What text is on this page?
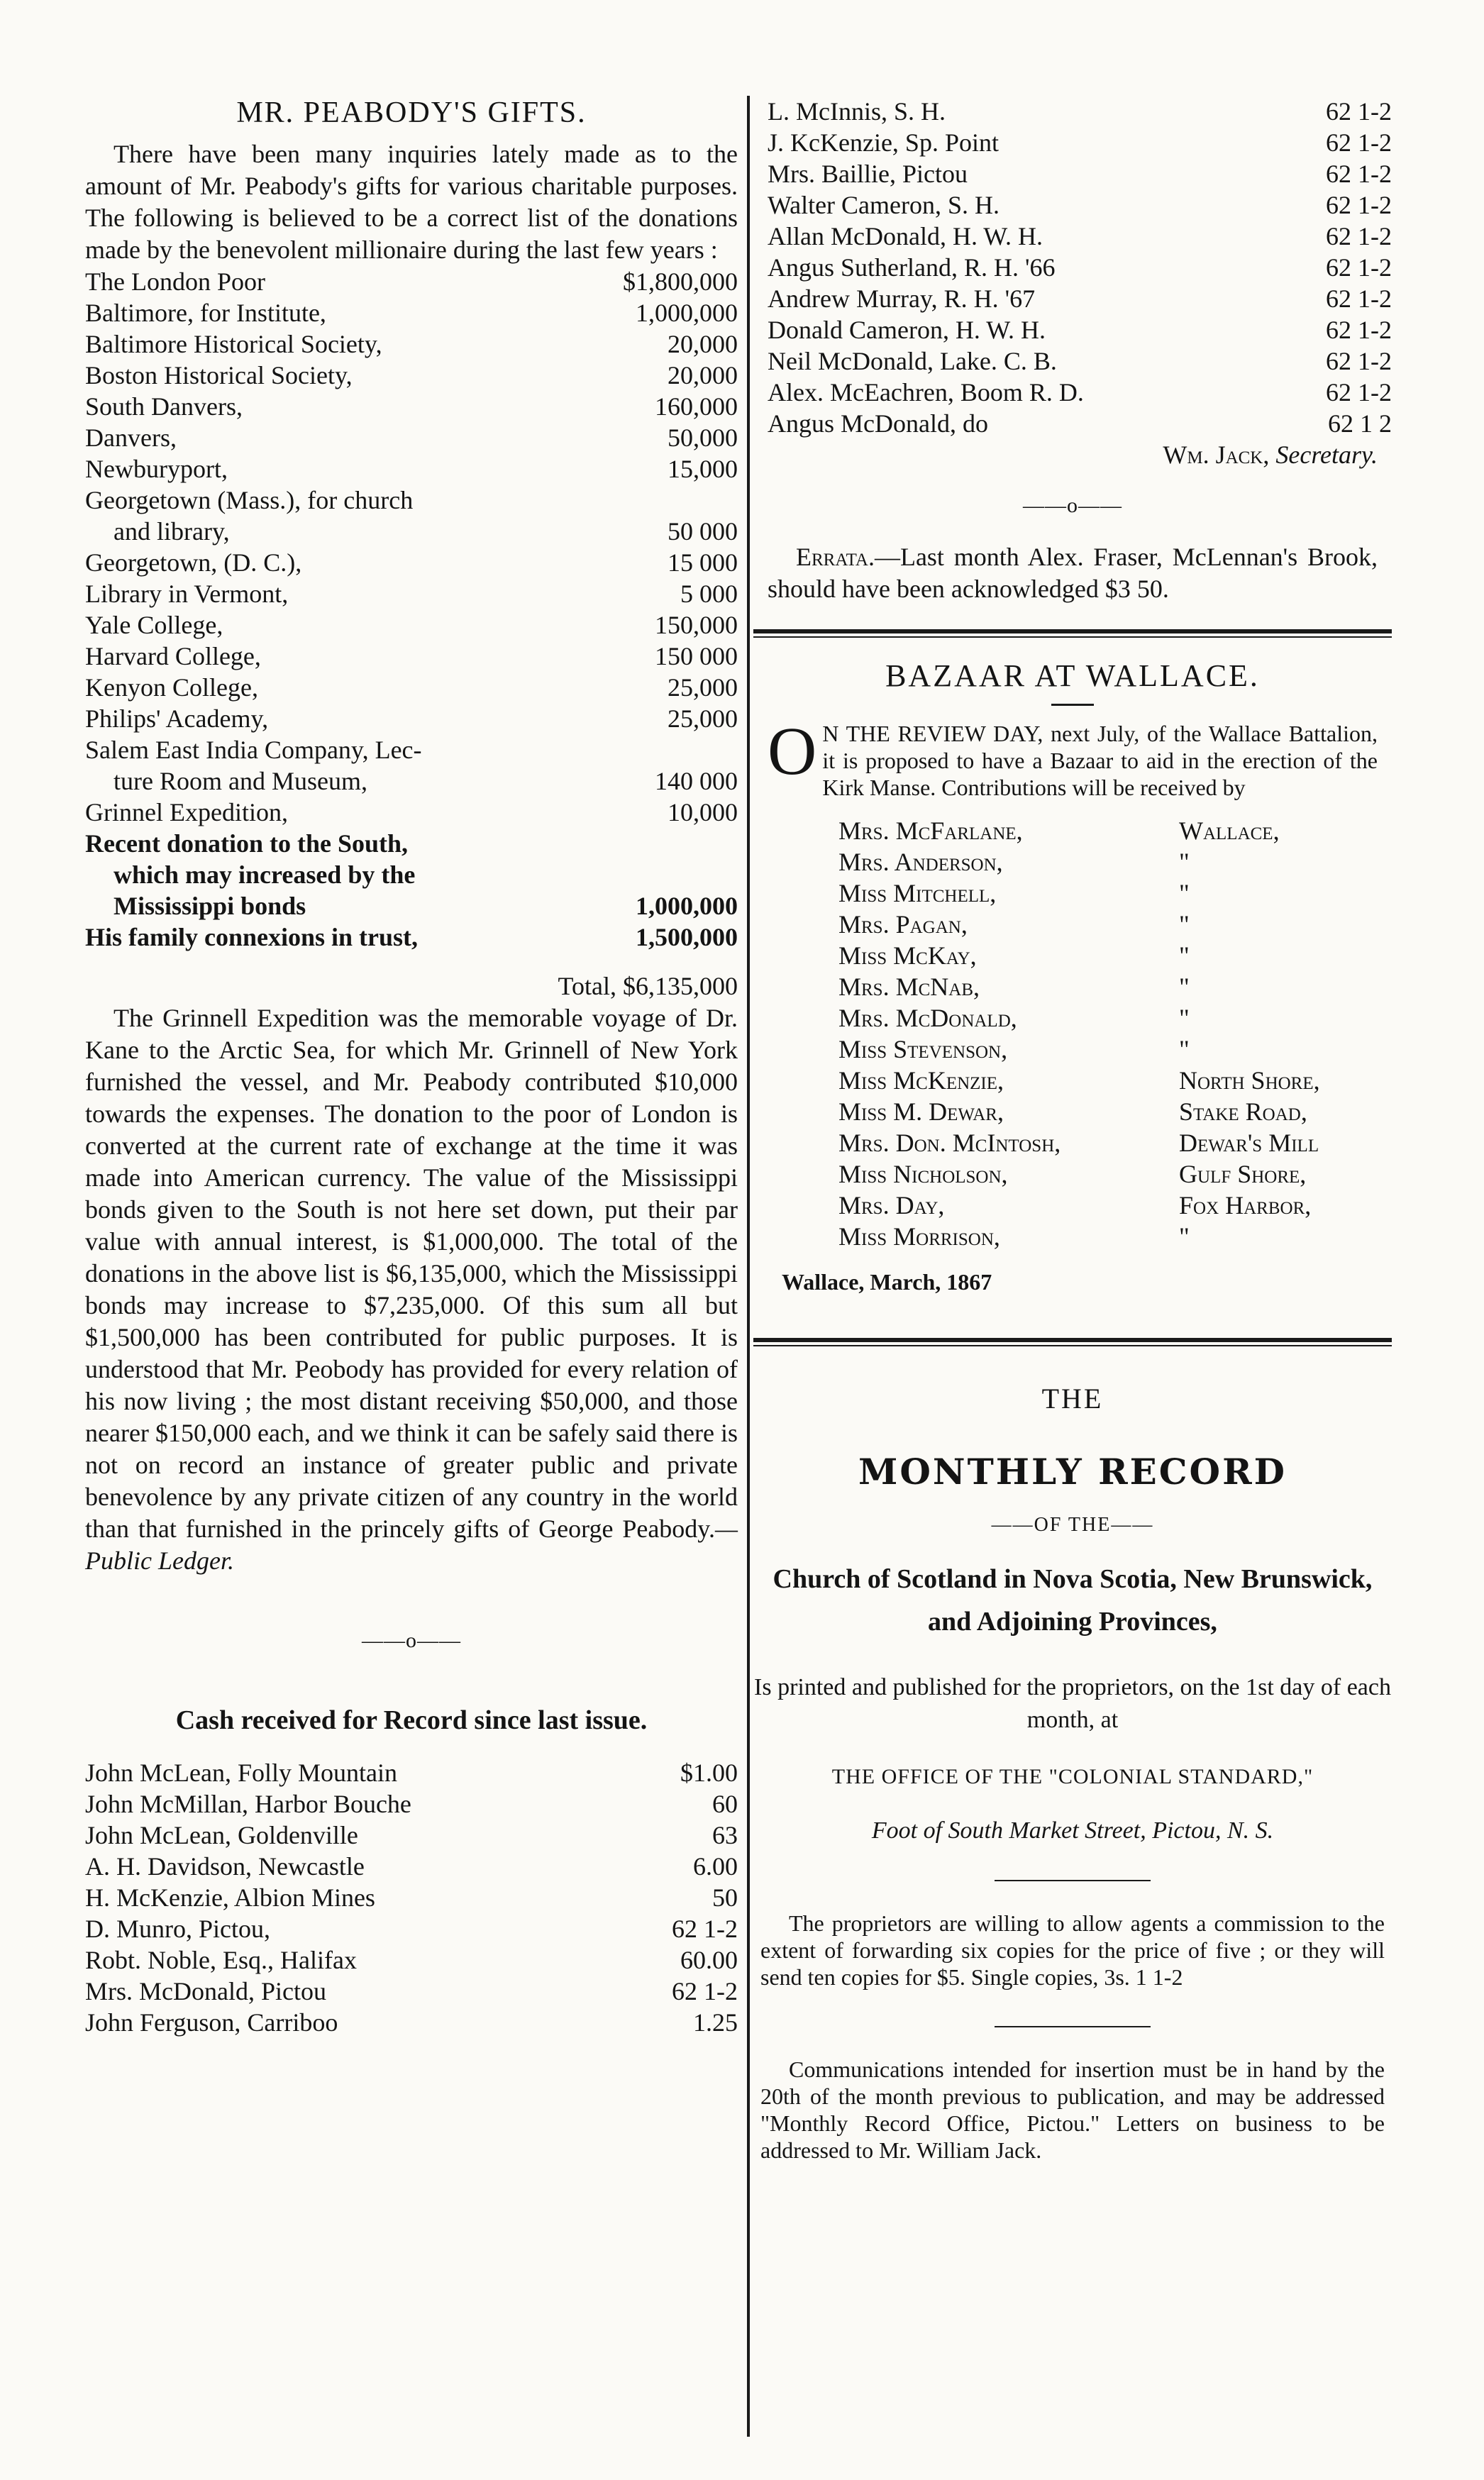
MR. PEABODY'S GIFTS.

There have been many inquiries lately made as to the amount of Mr. Peabody's gifts for various charitable purposes. The following is believed to be a correct list of the donations made by the benevolent millionaire during the last few years :

The London Poor	$1,800,000
Baltimore, for Institute,	1,000,000
Baltimore Historical Society,	20,000
Boston Historical Society,	20,000
South Danvers,	160,000
Danvers,	50,000
Newburyport,	15,000
Georgetown (Mass.), for church
and library,	50 000
Georgetown, (D. C.),	15 000
Library in Vermont,	5 000
Yale College,	150,000
Harvard College,	150 000
Kenyon College,	25,000
Philips' Academy,	25,000
Salem East India Company, Lec-
ture Room and Museum,	140 000
Grinnel Expedition,	10,000
Recent donation to the South,
which may increased by the
Mississippi bonds	1,000,000
His family connexions in trust,	1,500,000
Total, $6,135,000

The Grinnell Expedition was the memorable voyage of Dr. Kane to the Arctic Sea, for which Mr. Grinnell of New York furnished the vessel, and Mr. Peabody contributed $10,000 towards the expenses. The donation to the poor of London is converted at the current rate of exchange at the time it was made into American currency. The value of the Mississippi bonds given to the South is not here set down, put their par value with annual interest, is $1,000,000. The total of the donations in the above list is $6,135,000, which the Mississippi bonds may increase to $7,235,000. Of this sum all but $1,500,000 has been contributed for public purposes. It is understood that Mr. Peobody has provided for every relation of his now living ; the most distant receiving $50,000, and those nearer $150,000 each, and we think it can be safely said there is not on record an instance of greater public and private benevolence by any private citizen of any country in the world than that furnished in the princely gifts of George Peabody.—Public Ledger.

——o——
Cash received for Record since last issue.
John McLean, Folly Mountain	$1.00
John McMillan, Harbor Bouche	60
John McLean, Goldenville	63
A. H. Davidson, Newcastle	6.00
H. McKenzie, Albion Mines	50
D. Munro, Pictou,	62 1-2
Robt. Noble, Esq., Halifax	60.00
Mrs. McDonald, Pictou	62 1-2
John Ferguson, Carriboo	1.25
L. McInnis, S. H.	62 1-2
J. KcKenzie, Sp. Point	62 1-2
Mrs. Baillie, Pictou	62 1-2
Walter Cameron, S. H.	62 1-2
Allan McDonald, H. W. H.	62 1-2
Angus Sutherland, R. H. '66	62 1-2
Andrew Murray, R. H. '67	62 1-2
Donald Cameron, H. W. H.	62 1-2
Neil McDonald, Lake. C. B.	62 1-2
Alex. McEachren, Boom R. D.	62 1-2
Angus McDonald, do	62 1 2
Wm. Jack, Secretary.
——o——

Errata.—Last month Alex. Fraser, McLennan's Brook, should have been acknowledged $3 50.

BAZAAR AT WALLACE.

O N THE REVIEW DAY, next July, of the Wallace Battalion, it is proposed to have a Bazaar to aid in the erection of the Kirk Manse. Contributions will be received by

Mrs. McFarlane,	Wallace,
Mrs. Anderson,	"
Miss Mitchell,	"
Mrs. Pagan,	"
Miss McKay,	"
Mrs. McNab,	"
Mrs. McDonald,	"
Miss Stevenson,	"
Miss McKenzie,	North Shore,
Miss M. Dewar,	Stake Road,
Mrs. Don. McIntosh,	Dewar's Mill
Miss Nicholson,	Gulf Shore,
Mrs. Day,	Fox Harbor,
Miss Morrison,	"
Wallace, March, 1867
THE
MONTHLY RECORD
——OF THE——
Church of Scotland in Nova Scotia, New Brunswick, and Adjoining Provinces,

Is printed and published for the proprietors, on the 1st day of each month, at

THE OFFICE OF THE "COLONIAL STANDARD,"
Foot of South Market Street, Pictou, N. S.

The proprietors are willing to allow agents a commission to the extent of forwarding six copies for the price of five ; or they will send ten copies for $5. Single copies, 3s. 1 1-2

Communications intended for insertion must be in hand by the 20th of the month previous to publication, and may be addressed "Monthly Record Office, Pictou." Letters on business to be addressed to Mr. William Jack.
